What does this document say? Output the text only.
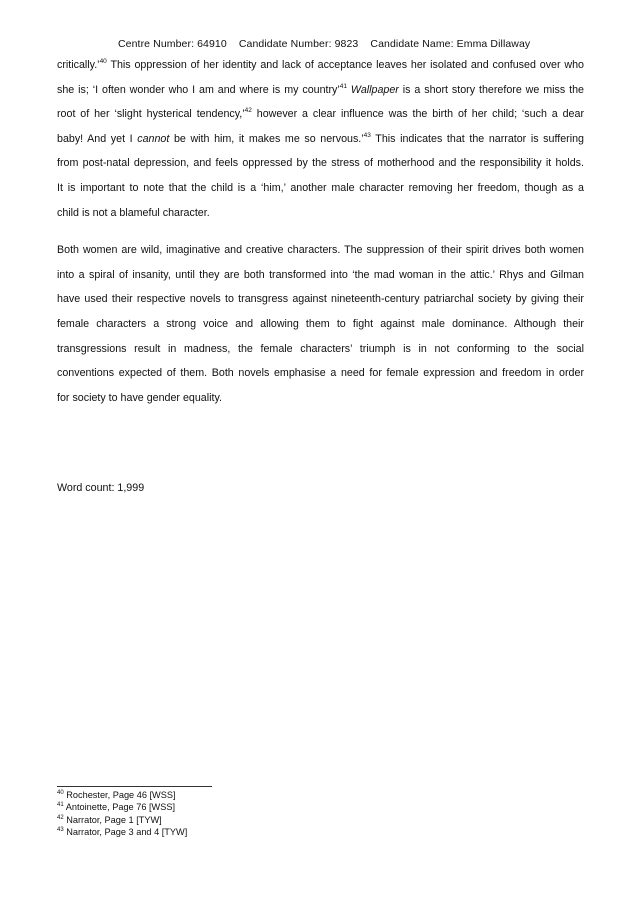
Centre Number: 64910 Candidate Number: 9823 Candidate Name: Emma Dillaway

critically.’$^{40}$ This oppression of her identity and lack of acceptance leaves her isolated and confused over who
she is; ‘I often wonder who I am and where is my country’$^{41}$ Wallpaper is a short story therefore we miss the
root of her ‘slight hysterical tendency,’$^{42}$ however a clear influence was the birth of her child; ‘such a dear
baby! And yet I cannot be with him, it makes me so nervous.’$^{43}$ This indicates that the narrator is suffering
from post-natal depression, and feels oppressed by the stress of motherhood and the responsibility it holds.
It is important to note that the child is a ‘him,’ another male character removing her freedom, though as a
child is not a blameful character.

Both women are wild, imaginative and creative characters. The suppression of their spirit drives both women
into a spiral of insanity, until they are both transformed into ‘the mad woman in the attic.’ Rhys and Gilman
have used their respective novels to transgress against nineteenth-century patriarchal society by giving their
female characters a strong voice and allowing them to fight against male dominance. Although their
transgressions result in madness, the female characters’ triumph is in not conforming to the social
conventions expected of them. Both novels emphasise a need for female expression and freedom in order
for society to have gender equality.

Word count: 1,999
$^{40}$ Rochester, Page 46 [WSS]
$^{41}$ Antoinette, Page 76 [WSS]
$^{42}$ Narrator, Page 1 [TYW]
$^{43}$ Narrator, Page 3 and 4 [TYW]
